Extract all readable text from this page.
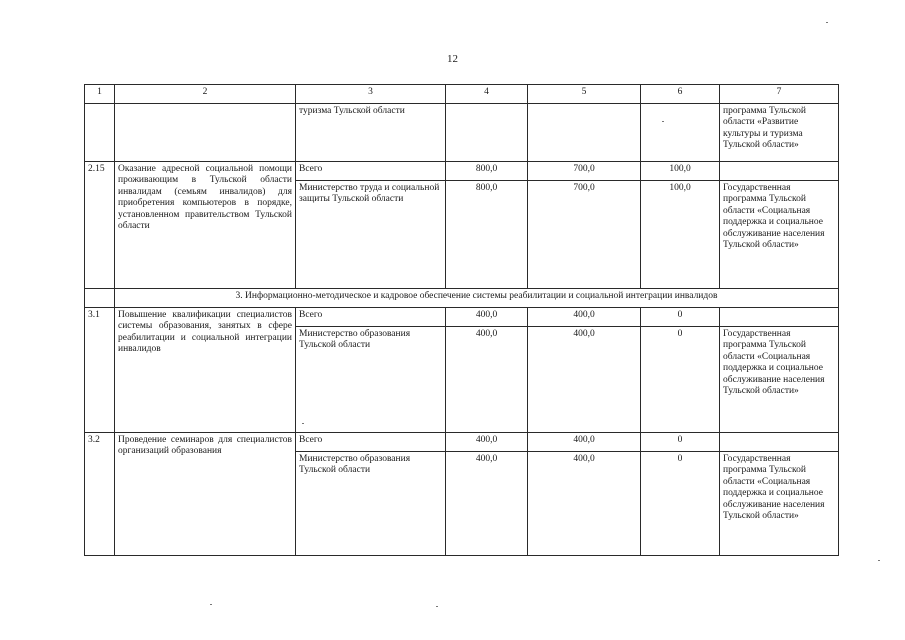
12
1	2	3	4	5	6	7
		туризма Тульской области				программа Тульской области «Развитие культуры и туризма Тульской области»
2.15	Оказание адресной социальной помощи проживающим в Тульской области инвалидам (семьям инвалидов) для приобретения компьютеров в порядке, установленном правительством Тульской области	Всего	800,0	700,0	100,0	
		Министерство труда и социальной защиты Тульской области	800,0	700,0	100,0	Государственная программа Тульской области «Социальная поддержка и социальное обслуживание населения Тульской области»
	3. Информационно-методическое и кадровое обеспечение системы реабилитации и социальной интеграции инвалидов					
3.1	Повышение квалификации специалистов системы образования, занятых в сфере реабилитации и социальной интеграции инвалидов	Всего	400,0	400,0	0	
		Министерство образования Тульской области	400,0	400,0	0	Государственная программа Тульской области «Социальная поддержка и социальное обслуживание населения Тульской области»
3.2	Проведение семинаров для специалистов организаций образования	Всего	400,0	400,0	0	
		Министерство образования Тульской области	400,0	400,0	0	Государственная программа Тульской области «Социальная поддержка и социальное обслуживание населения Тульской области»
